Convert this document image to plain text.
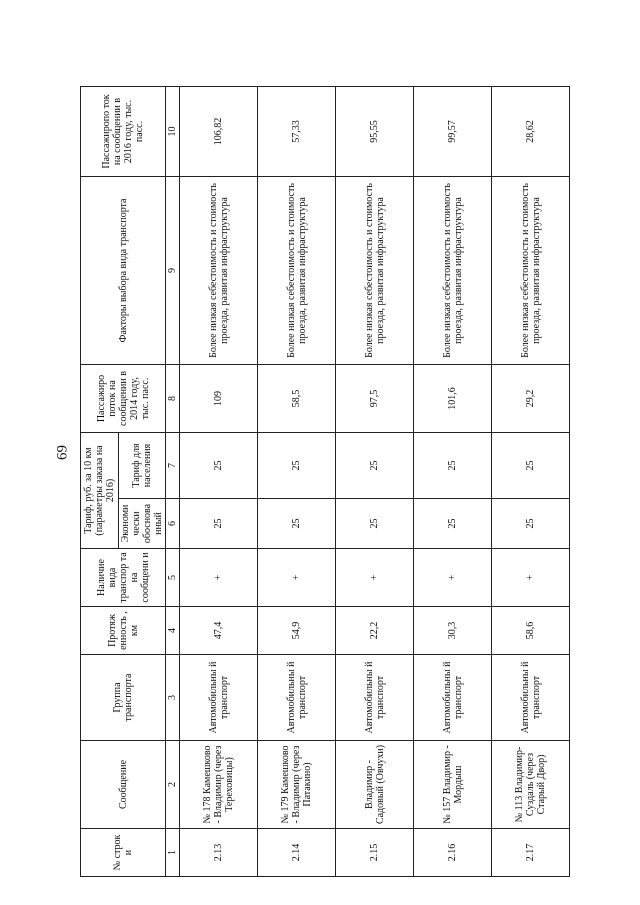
69
№ строк и	Сообщение	Группа транспорта	Протяж енность , км	Наличие вида транспор та на сообщени и	Тариф, руб. за 10 км (параметры заказа на 2016)		Пассажиро поток на сообщении в 2014 году, тыс. пасс.	Факторы выбора вида транспорта	Пассажиропо ток на сообщении в 2016 году, тыс. пасс.
					Экономи чески обоснова нный	Тариф для населения			
1	2	3	4	5	6	7	8	9	10
2.13	№ 178 Камешково - Владимир (через Тереховицы)	Автомобильны й транспорт	47,4	+	25	25	109	Более низкая себестоимость и стоимость проезда, развитая инфраструктура	106,82
2.14	№ 179 Камешково - Владимир (через Патакино)	Автомобильны й транспорт	54,9	+	25	25	58,5	Более низкая себестоимость и стоимость проезда, развитая инфраструктура	57,33
2.15	Владимир - Садовый (Овчухи)	Автомобильны й транспорт	22,2	+	25	25	97,5	Более низкая себестоимость и стоимость проезда, развитая инфраструктура	95,55
2.16	№ 157 Владимир - Мордыш	Автомобильны й транспорт	30,3	+	25	25	101,6	Более низкая себестоимость и стоимость проезда, развитая инфраструктура	99,57
2.17	№ 113 Владимир- Суздаль (через Старый Двор)	Автомобильны й транспорт	58,6	+	25	25	29,2	Более низкая себестоимость и стоимость проезда, развитая инфраструктура	28,62
